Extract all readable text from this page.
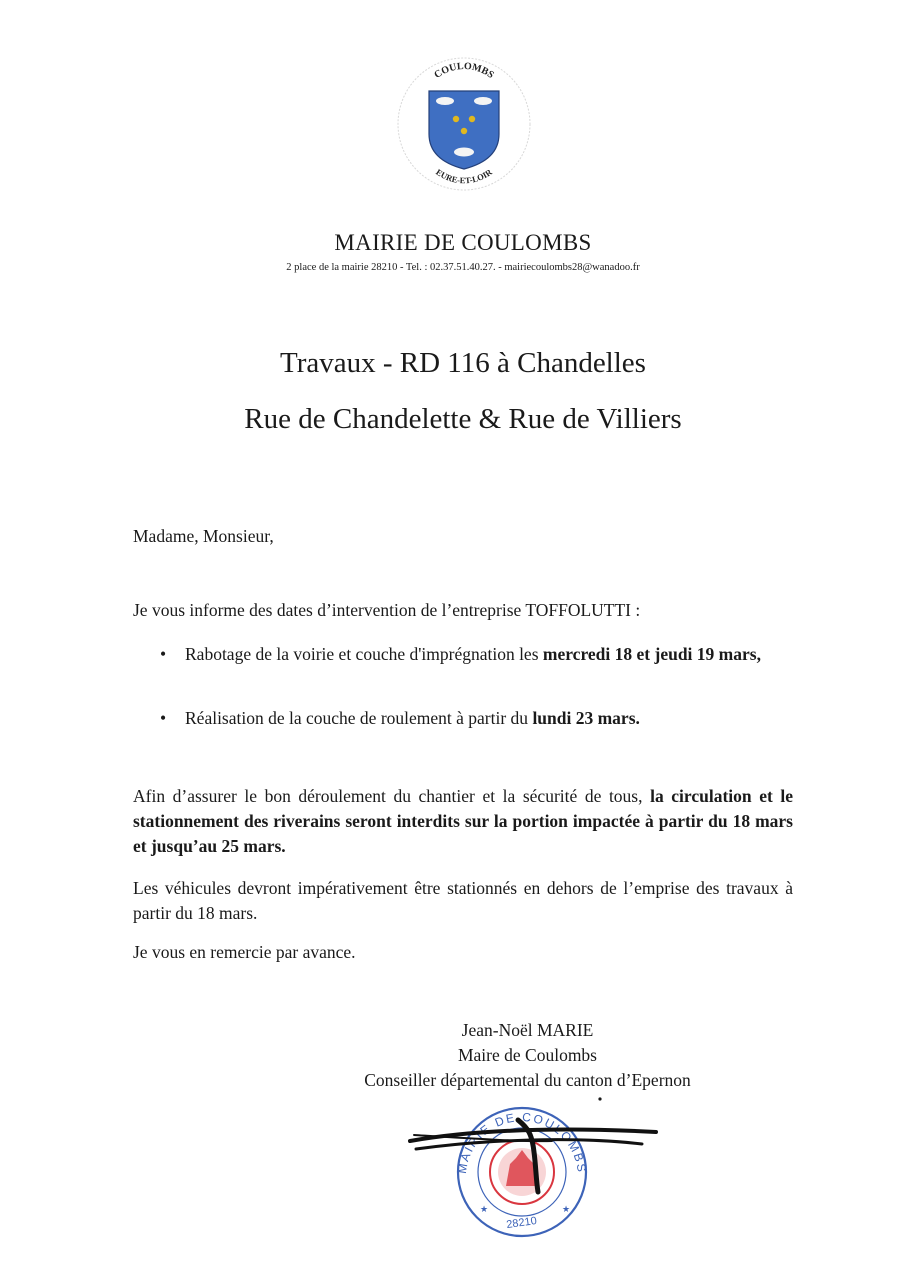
COULOMBS
EURE-ET-LOIR
MAIRIE DE COULOMBS
2 place de la mairie 28210 - Tel. : 02.37.51.40.27. - mairiecoulombs28@wanadoo.fr
Travaux - RD 116 à Chandelles
Rue de Chandelette & Rue de Villiers
Madame, Monsieur,
Je vous informe des dates d’intervention de l’entreprise TOFFOLUTTI :
• Rabotage de la voirie et couche d'imprégnation les mercredi 18 et jeudi 19 mars,
• Réalisation de la couche de roulement à partir du lundi 23 mars.
Afin d’assurer le bon déroulement du chantier et la sécurité de tous, la circulation et le stationnement des riverains seront interdits sur la portion impactée à partir du 18 mars et jusqu’au 25 mars.
Les véhicules devront impérativement être stationnés en dehors de l’emprise des travaux à partir du 18 mars.
Je vous en remercie par avance.
Jean-Noël MARIE
Maire de Coulombs
Conseiller départemental du canton d’Epernon
MAIRIE DE COULOMBS
28210
★	★
